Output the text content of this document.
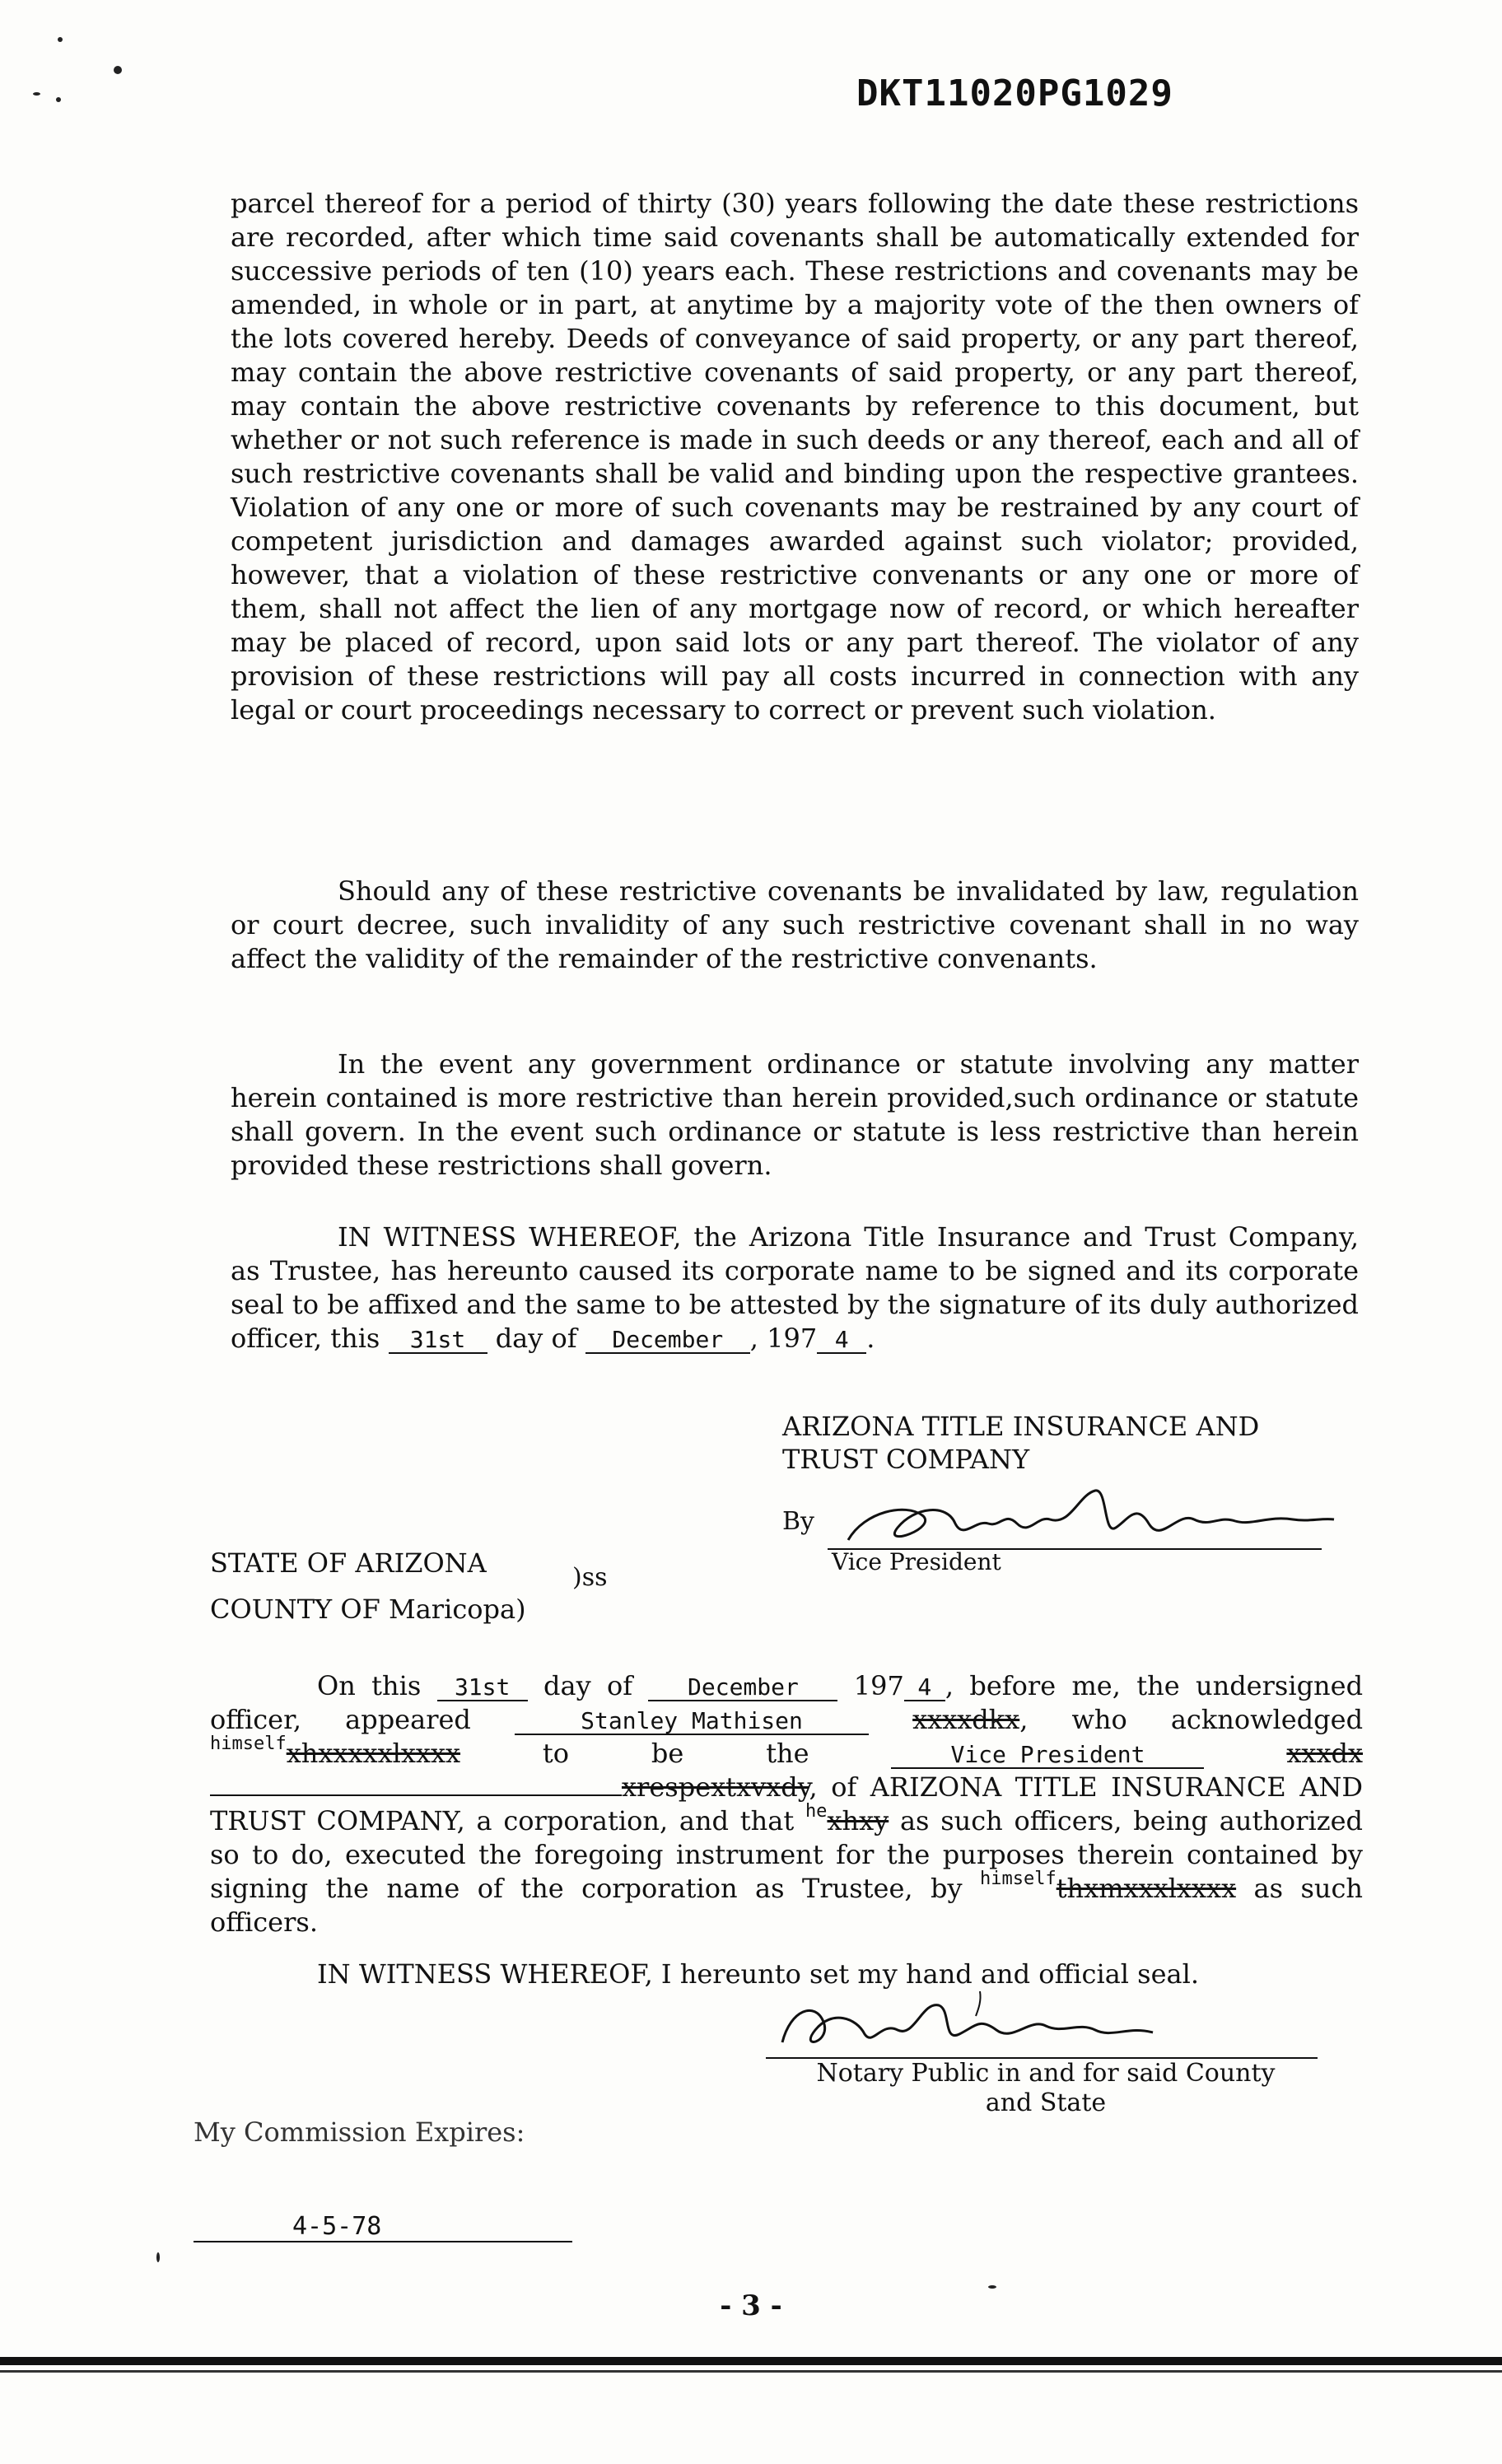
DKT11020PG1029

parcel thereof for a period of thirty (30) years following the date these restrictions are recorded, after which time said covenants shall be automatically extended for successive periods of ten (10) years each. These restrictions and covenants may be amended, in whole or in part, at anytime by a majority vote of the then owners of the lots covered hereby. Deeds of conveyance of said property, or any part thereof, may contain the above restrictive covenants of said property, or any part thereof, may contain the above restrictive covenants by reference to this document, but whether or not such reference is made in such deeds or any thereof, each and all of such restrictive covenants shall be valid and binding upon the respective grantees. Violation of any one or more of such covenants may be restrained by any court of competent jurisdiction and damages awarded against such violator; provided, however, that a violation of these restrictive convenants or any one or more of them, shall not affect the lien of any mortgage now of record, or which hereafter may be placed of record, upon said lots or any part thereof. The violator of any provision of these restrictions will pay all costs incurred in connection with any legal or court proceedings necessary to correct or prevent such violation.

Should any of these restrictive covenants be invalidated by law, regulation or court decree, such invalidity of any such restrictive covenant shall in no way affect the validity of the remainder of the restrictive convenants.

In the event any government ordinance or statute involving any matter herein contained is more restrictive than herein provided,such ordinance or statute shall govern. In the event such ordinance or statute is less restrictive than herein provided these restrictions shall govern.

IN WITNESS WHEREOF, the Arizona Title Insurance and Trust Company, as Trustee, has hereunto caused its corporate name to be signed and its corporate seal to be affixed and the same to be attested by the signature of its duly authorized officer, this 31st day of December , 197 4 .

ARIZONA TITLE INSURANCE AND
TRUST COMPANY
By
Vice President
STATE OF ARIZONA
COUNTY OF Maricopa)
)ss

On this 31st day of December 197 4 , before me, the undersigned officer, appeared	Stanley Mathisen	xxxxdkx, who acknowledged $^{himself}$xhxxxxxlxxxx	to be the	Vice President	xxxdx xrespextxvxdy, of ARIZONA TITLE INSURANCE AND TRUST COMPANY, a corporation, and that $^{he}$xhxy as such officers, being authorized so to do, executed the foregoing instrument for the purposes therein contained by signing the name of the corporation as Trustee, by $^{himself}$thxmxxxlxxxx as such officers.

IN WITNESS WHEREOF, I hereunto set my hand and official seal.

Notary Public in and for said County
and State
My Commission Expires:
4-5-78
- 3 -
